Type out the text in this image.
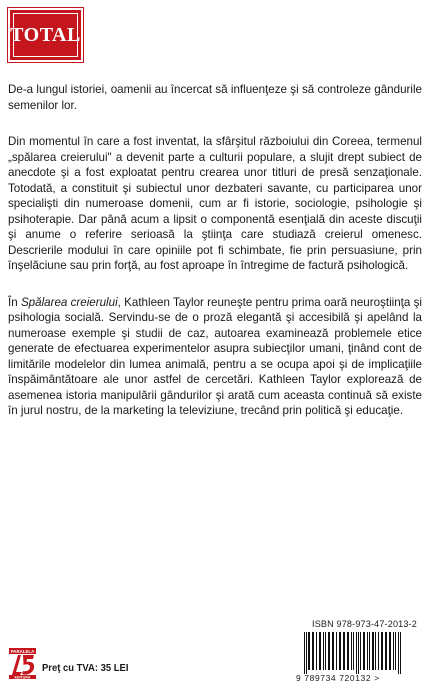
TOTAL

De-a lungul istoriei, oamenii au încercat să influenţeze şi să controleze gândurile semenilor lor.

Din momentul în care a fost inventat, la sfârşitul războiului din Coreea, termenul „spălarea creierului" a devenit parte a culturii populare, a slujit drept subiect de anecdote şi a fost exploatat pentru crearea unor titluri de presă senzaţionale. Totodată, a constituit şi subiectul unor dezbateri savante, cu participarea unor specialişti din numeroase domenii, cum ar fi istorie, sociologie, psihologie şi psihoterapie. Dar până acum a lipsit o componentă esenţială din aceste discuţii şi anume o referire serioasă la ştiinţa care studiază creierul omenesc. Descrierile modului în care opiniile pot fi schimbate, fie prin persuasiune, prin înşelăciune sau prin forţă, au fost aproape în întregime de factură psihologică.

În Spălarea creierului, Kathleen Taylor reuneşte pentru prima oară neuroştiinţa şi psihologia socială. Servindu-se de o proză elegantă şi accesibilă şi apelând la numeroase exemple şi studii de caz, autoarea examinează problemele etice generate de efectuarea experimentelor asupra subiecţilor umani, ţinând cont de limitările modelelor din lumea animală, pentru a se ocupa apoi şi de implicaţiile înspăimântătoare ale unor astfel de cercetări. Kathleen Taylor explorează de asemenea istoria manipulării gândurilor şi arată cum aceasta continuă să existe în jurul nostru, de la marketing la televiziune, trecând prin politică şi educaţie.

ISBN 978-973-47-2013-2
PARALELA
EDITURA
Preţ cu TVA: 35 LEI
9 789734 720132 >
